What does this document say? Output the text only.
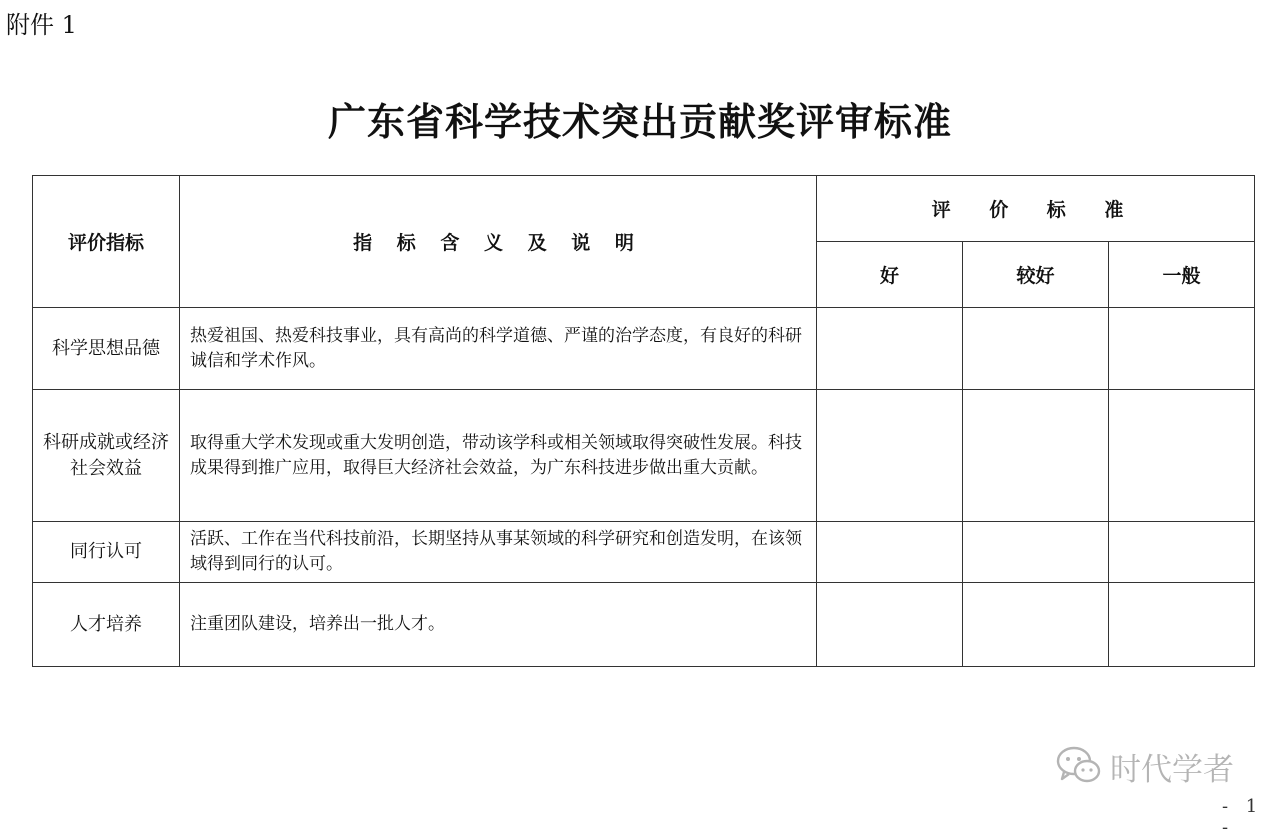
附件 1
广东省科学技术突出贡献奖评审标准
评价指标	指 标 含 义 及 说 明	评 价 标 准		
		好	较好	一般
科学思想品德	热爱祖国、热爱科技事业，具有高尚的科学道德、严谨的治学态度，有良好的科研诚信和学术作风。			
科研成就或经济社会效益	取得重大学术发现或重大发明创造，带动该学科或相关领域取得突破性发展。科技成果得到推广应用，取得巨大经济社会效益，为广东科技进步做出重大贡献。			
同行认可	活跃、工作在当代科技前沿，长期坚持从事某领域的科学研究和创造发明，在该领域得到同行的认可。			
人才培养	注重团队建设，培养出一批人才。			
时代学者
- 1 -
